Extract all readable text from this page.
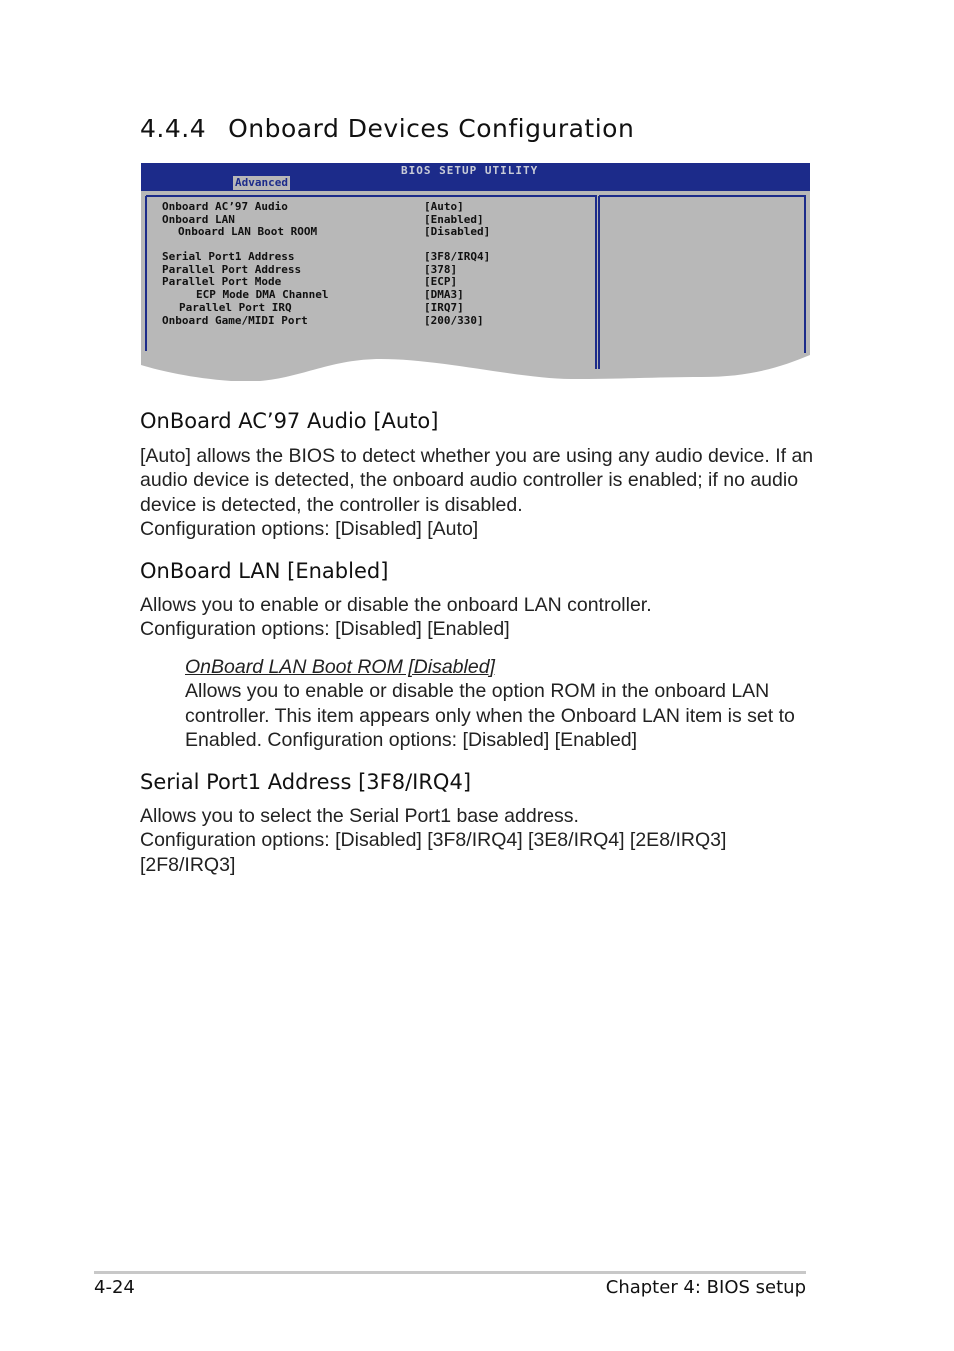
4.4.4 Onboard Devices Configuration
Advanced
BIOS SETUP UTILITY
Onboard AC’97 Audio	[Auto]
Onboard LAN	[Enabled]
Onboard LAN Boot ROOM	[Disabled]
Serial Port1 Address	[3F8/IRQ4]
Parallel Port Address	[378]
Parallel Port Mode	[ECP]
ECP Mode DMA Channel	[DMA3]
Parallel Port IRQ	[IRQ7]
Onboard Game/MIDI Port	[200/330]
OnBoard AC’97 Audio [Auto]

[Auto] allows the BIOS to detect whether you are using any audio device. If an audio device is detected, the onboard audio controller is enabled; if no audio device is detected, the controller is disabled.

Configuration options: [Disabled] [Auto]

OnBoard LAN [Enabled]

Allows you to enable or disable the onboard LAN controller.

Configuration options: [Disabled] [Enabled]

OnBoard LAN Boot ROM [Disabled]

Allows you to enable or disable the option ROM in the onboard LAN controller. This item appears only when the Onboard LAN item is set to Enabled. Configuration options: [Disabled] [Enabled]

Serial Port1 Address [3F8/IRQ4]

Allows you to select the Serial Port1 base address.

Configuration options: [Disabled] [3F8/IRQ4] [3E8/IRQ4] [2E8/IRQ3] [2F8/IRQ3]

4-24	Chapter 4: BIOS setup
